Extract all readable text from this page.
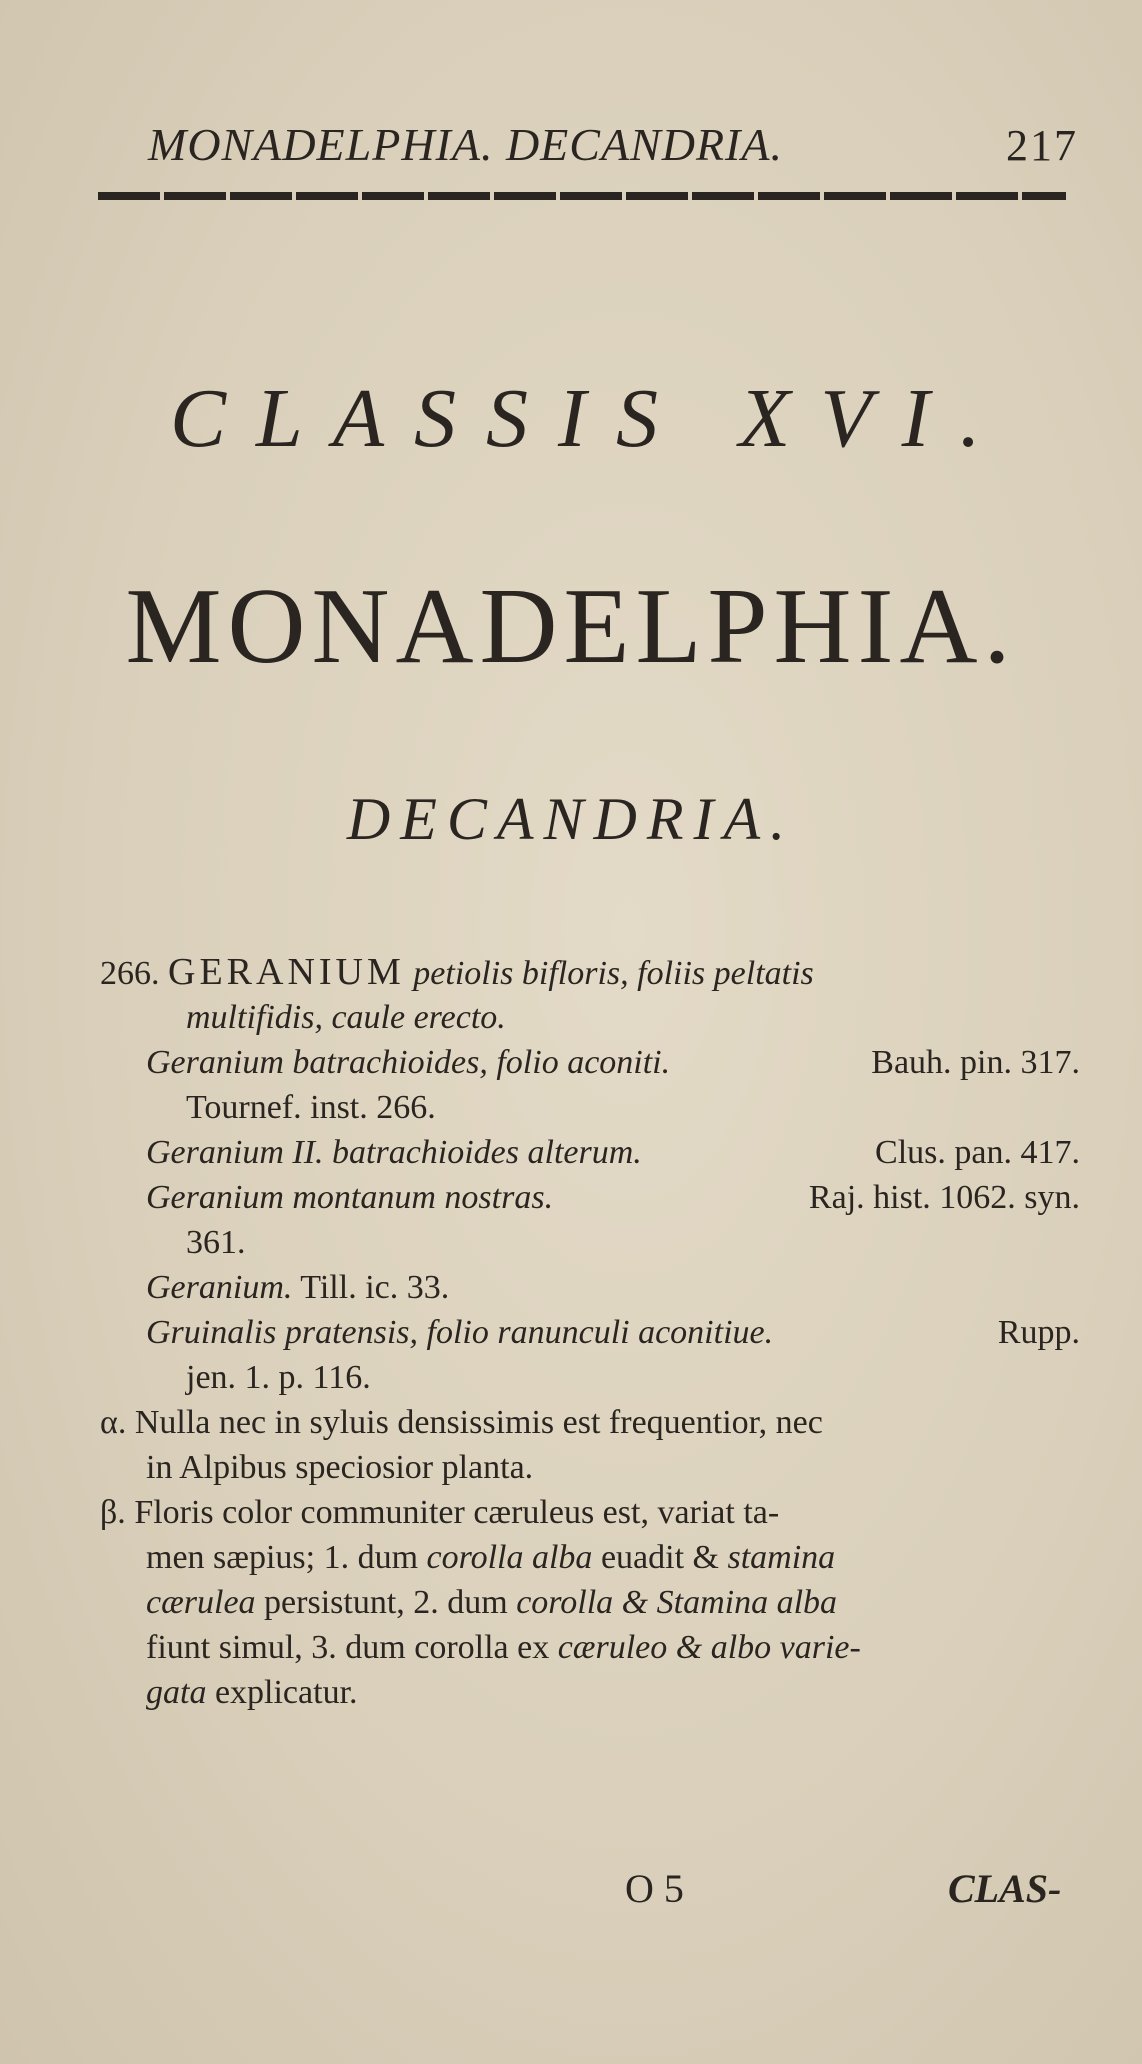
MONADELPHIA. DECANDRIA.	217
CLASSIS XVI.
MONADELPHIA.
DECANDRIA.
266. GERANIUM petiolis bifloris, foliis peltatis
multifidis, caule erecto.
Geranium batrachioides, folio aconiti.	Bauh. pin. 317.
Tournef. inst. 266.
Geranium II. batrachioides alterum.	Clus. pan. 417.
Geranium montanum nostras.	Raj. hist. 1062. syn.
361.
Geranium. Till. ic. 33.
Gruinalis pratensis, folio ranunculi aconitiue.	Rupp.
jen. 1. p. 116.
α. Nulla nec in syluis densissimis est frequentior, nec
in Alpibus speciosior planta.
β. Floris color communiter cæruleus est, variat ta-
men sæpius; 1. dum corolla alba euadit & stamina
cærulea persistunt, 2. dum corolla & Stamina alba
fiunt simul, 3. dum corolla ex cæruleo & albo varie-
gata explicatur.
O 5	CLAS-
